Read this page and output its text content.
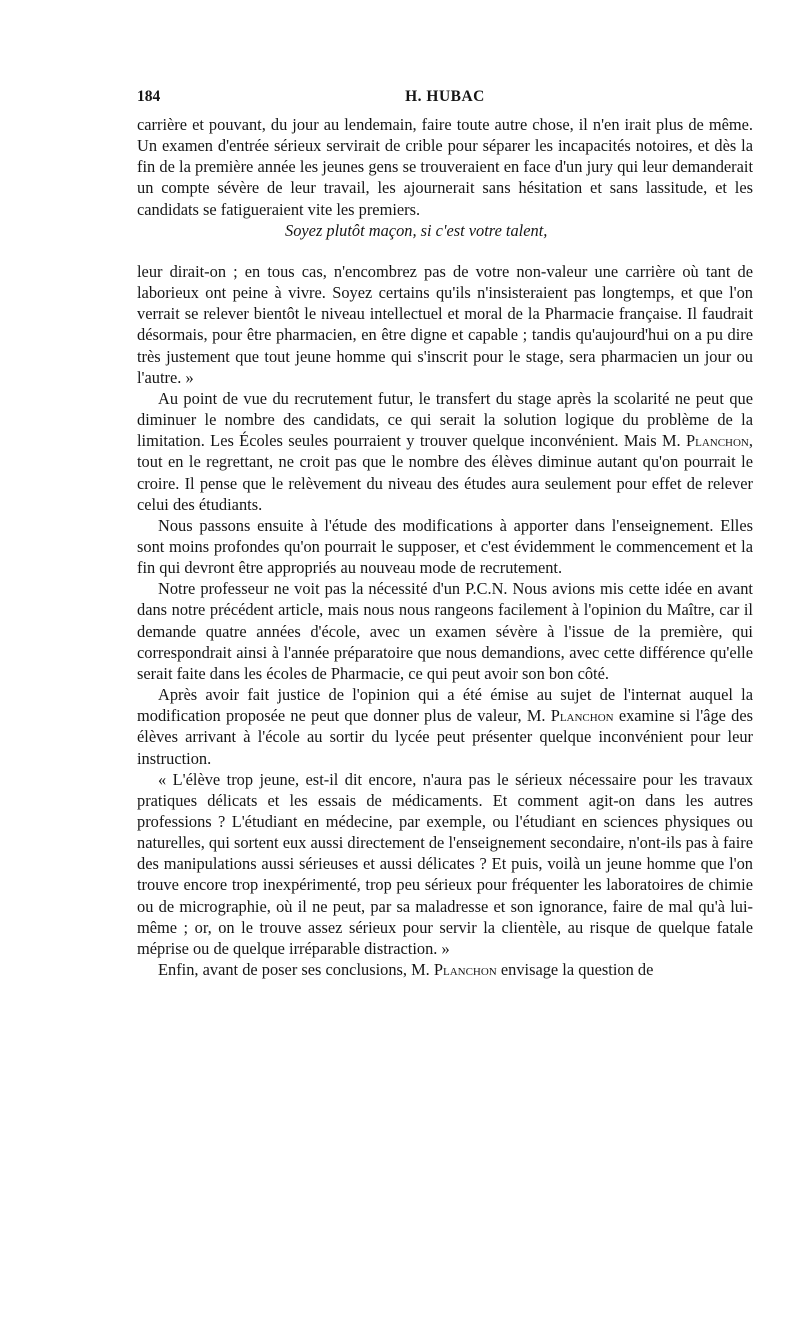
184	H. HUBAC

carrière et pouvant, du jour au lendemain, faire toute autre chose, il n'en irait plus de même. Un examen d'entrée sérieux servirait de crible pour séparer les incapacités notoires, et dès la fin de la première année les jeunes gens se trouveraient en face d'un jury qui leur demanderait un compte sévère de leur travail, les ajournerait sans hésitation et sans lassitude, et les candidats se fatigueraient vite les premiers.

Soyez plutôt maçon, si c'est votre talent,

leur dirait-on ; en tous cas, n'encombrez pas de votre non-valeur une carrière où tant de laborieux ont peine à vivre. Soyez certains qu'ils n'insisteraient pas longtemps, et que l'on verrait se relever bientôt le niveau intellectuel et moral de la Pharmacie française. Il faudrait désormais, pour être pharmacien, en être digne et capable ; tandis qu'aujourd'hui on a pu dire très justement que tout jeune homme qui s'inscrit pour le stage, sera pharmacien un jour ou l'autre. »

Au point de vue du recrutement futur, le transfert du stage après la scolarité ne peut que diminuer le nombre des candidats, ce qui serait la solution logique du problème de la limitation. Les Écoles seules pourraient y trouver quelque inconvénient. Mais M. Planchon, tout en le regrettant, ne croit pas que le nombre des élèves diminue autant qu'on pourrait le croire. Il pense que le relèvement du niveau des études aura seulement pour effet de relever celui des étudiants.

Nous passons ensuite à l'étude des modifications à apporter dans l'enseignement. Elles sont moins profondes qu'on pourrait le supposer, et c'est évidemment le commencement et la fin qui devront être appropriés au nouveau mode de recrutement.

Notre professeur ne voit pas la nécessité d'un P.C.N. Nous avions mis cette idée en avant dans notre précédent article, mais nous nous rangeons facilement à l'opinion du Maître, car il demande quatre années d'école, avec un examen sévère à l'issue de la première, qui correspondrait ainsi à l'année préparatoire que nous demandions, avec cette différence qu'elle serait faite dans les écoles de Pharmacie, ce qui peut avoir son bon côté.

Après avoir fait justice de l'opinion qui a été émise au sujet de l'internat auquel la modification proposée ne peut que donner plus de valeur, M. Planchon examine si l'âge des élèves arrivant à l'école au sortir du lycée peut présenter quelque inconvénient pour leur instruction.

« L'élève trop jeune, est-il dit encore, n'aura pas le sérieux nécessaire pour les travaux pratiques délicats et les essais de médicaments. Et comment agit-on dans les autres professions ? L'étudiant en médecine, par exemple, ou l'étudiant en sciences physiques ou naturelles, qui sortent eux aussi directement de l'enseignement secondaire, n'ont-ils pas à faire des manipulations aussi sérieuses et aussi délicates ? Et puis, voilà un jeune homme que l'on trouve encore trop inexpérimenté, trop peu sérieux pour fréquenter les laboratoires de chimie ou de micrographie, où il ne peut, par sa maladresse et son ignorance, faire de mal qu'à lui-même ; or, on le trouve assez sérieux pour servir la clientèle, au risque de quelque fatale méprise ou de quelque irréparable distraction. »

Enfin, avant de poser ses conclusions, M. Planchon envisage la question de
